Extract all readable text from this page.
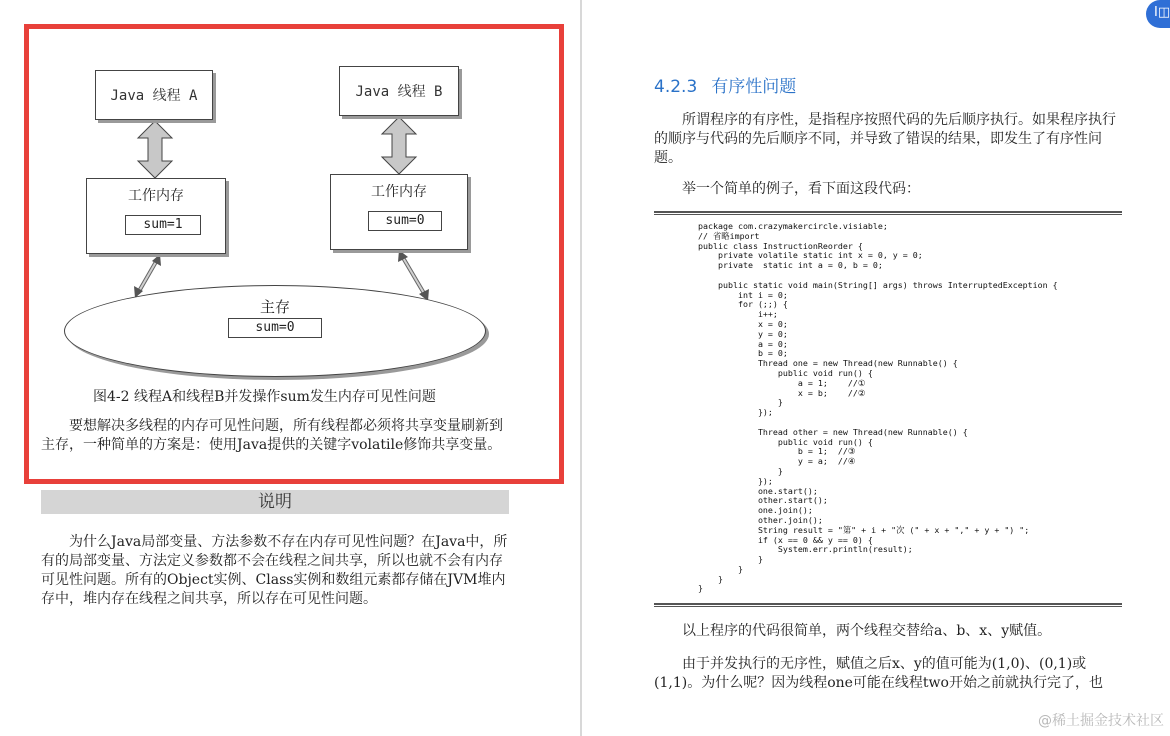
Java 线程 A	Java 线程 B
工作内存
sum=1
工作内存
sum=0
主存
sum=0
图4-2 线程A和线程B并发操作sum发生内存可见性问题
要想解决多线程的内存可见性问题，所有线程都必须将共享变量刷新到主存，一种简单的方案是：使用Java提供的关键字volatile修饰共享变量。
说明
为什么Java局部变量、方法参数不存在内存可见性问题？在Java中，所有的局部变量、方法定义参数都不会在线程之间共享，所以也就不会有内存可见性问题。所有的Object实例、Class实例和数组元素都存储在JVM堆内存中，堆内存在线程之间共享，所以存在可见性问题。
4.2.3 有序性问题
所谓程序的有序性，是指程序按照代码的先后顺序执行。如果程序执行的顺序与代码的先后顺序不同，并导致了错误的结果，即发生了有序性问题。
举一个简单的例子，看下面这段代码：
package com.crazymakercircle.visiable;
// 省略import
public class InstructionReorder {
private volatile static int x = 0, y = 0;
private  static int a = 0, b = 0;

public static void main(String[] args) throws InterruptedException {
int i = 0;
for (;;) {
i++;
x = 0;
y = 0;
a = 0;
b = 0;
Thread one = new Thread(new Runnable() {
public void run() {
a = 1;    //①
x = b;    //②
}
});

Thread other = new Thread(new Runnable() {
public void run() {
b = 1;  //③
y = a;  //④
}
});
one.start();
other.start();
one.join();
other.join();
String result = "第" + i + "次 (" + x + "," + y + ") ";
if (x == 0 && y == 0) {
System.err.println(result);
}
}
}
}
以上程序的代码很简单，两个线程交替给a、b、x、y赋值。
由于并发执行的无序性，赋值之后x、y的值可能为(1,0)、(0,1)或(1,1)。为什么呢？因为线程one可能在线程two开始之前就执行完了，也
Ⅰ◫
@稀土掘金技术社区
